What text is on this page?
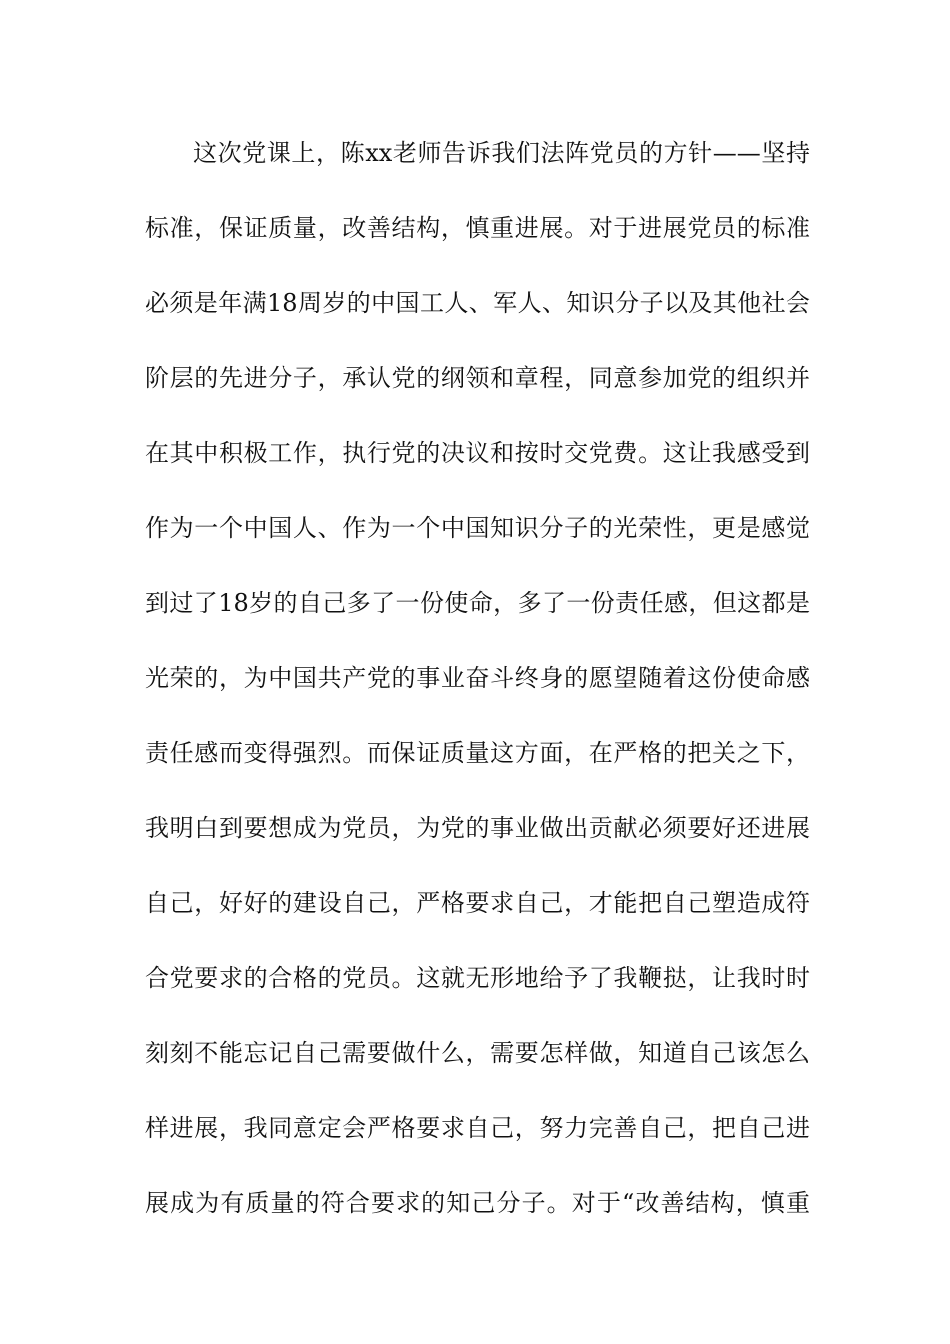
这次党课上，陈xx老师告诉我们法阵党员的方针——坚持
标准，保证质量，改善结构，慎重进展。对于进展党员的标准
必须是年满18周岁的中国工人、军人、知识分子以及其他社会
阶层的先进分子，承认党的纲领和章程，同意参加党的组织并
在其中积极工作，执行党的决议和按时交党费。这让我感受到
作为一个中国人、作为一个中国知识分子的光荣性，更是感觉
到过了18岁的自己多了一份使命，多了一份责任感，但这都是
光荣的，为中国共产党的事业奋斗终身的愿望随着这份使命感
责任感而变得强烈。而保证质量这方面，在严格的把关之下，
我明白到要想成为党员，为党的事业做出贡献必须要好还进展
自己，好好的建设自己，严格要求自己，才能把自己塑造成符
合党要求的合格的党员。这就无形地给予了我鞭挞，让我时时
刻刻不能忘记自己需要做什么，需要怎样做，知道自己该怎么
样进展，我同意定会严格要求自己，努力完善自己，把自己进
展成为有质量的符合要求的知己分子。对于“改善结构，慎重
